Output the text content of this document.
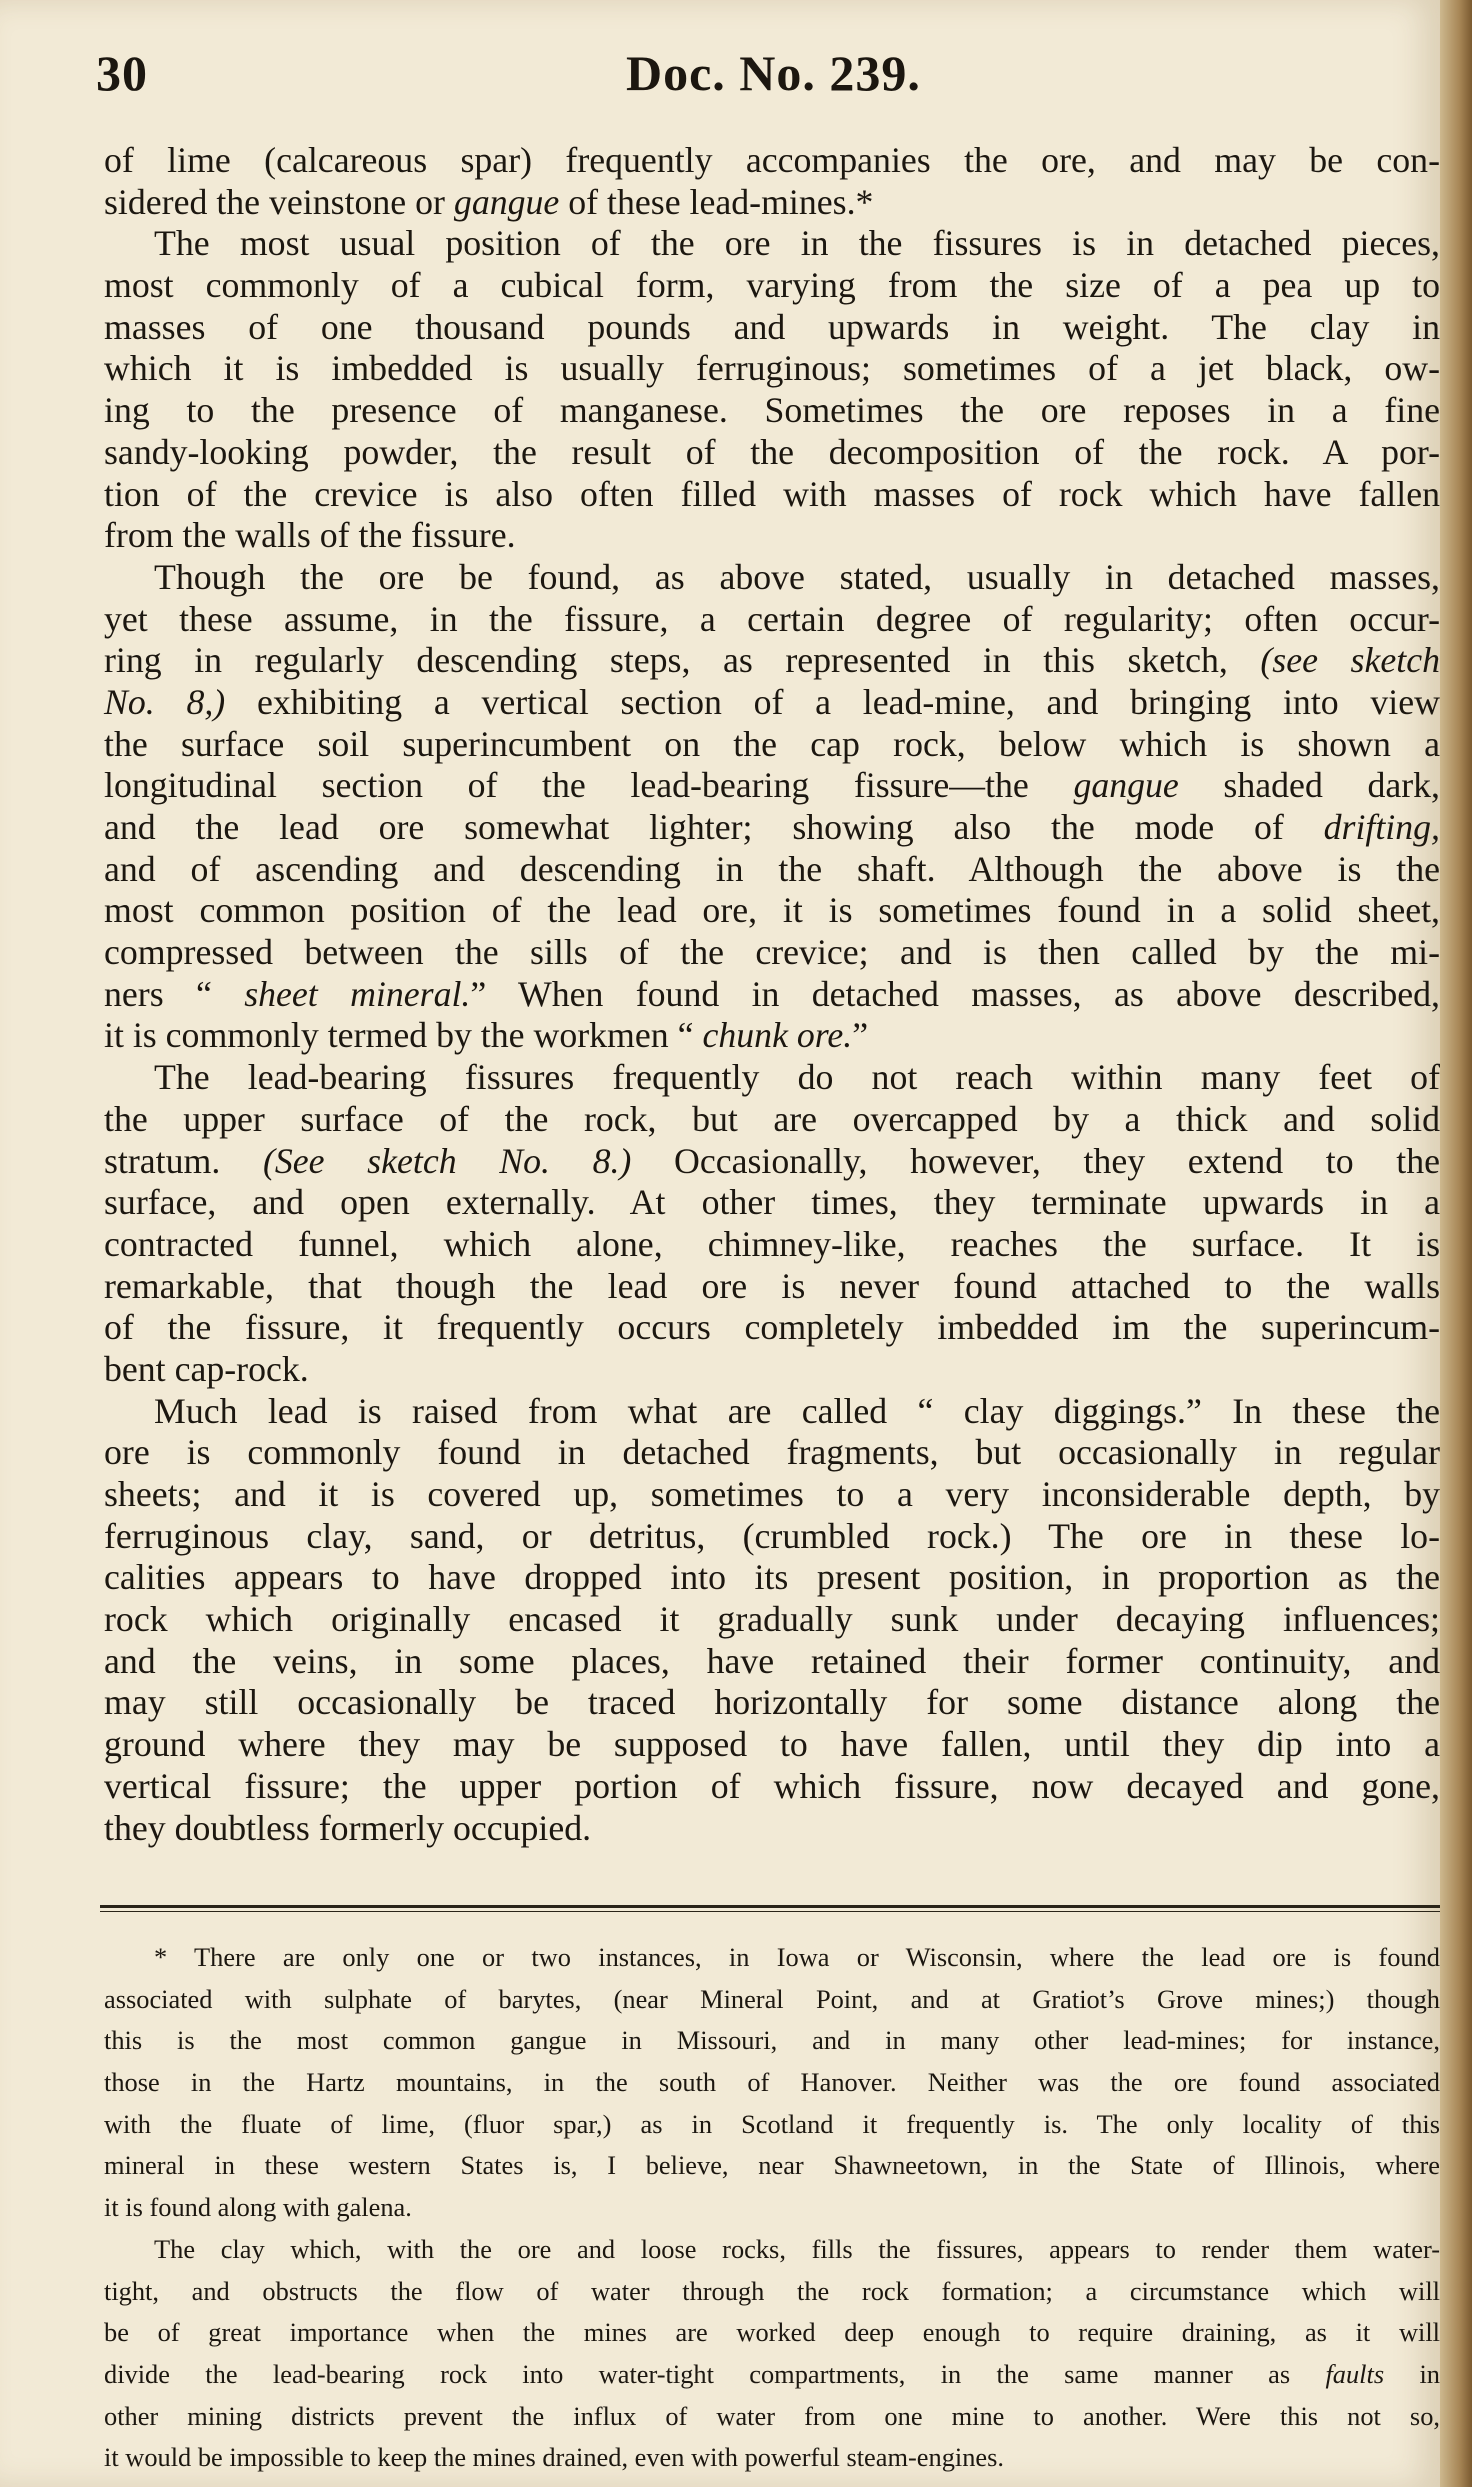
30	Doc. No. 239.
of lime (calcareous spar) frequently accompanies the ore, and may be con-
sidered the veinstone or gangue of these lead-mines.*
The most usual position of the ore in the fissures is in detached pieces,
most commonly of a cubical form, varying from the size of a pea up to
masses of one thousand pounds and upwards in weight. The clay in
which it is imbedded is usually ferruginous; sometimes of a jet black, ow-
ing to the presence of manganese. Sometimes the ore reposes in a fine
sandy-looking powder, the result of the decomposition of the rock. A por-
tion of the crevice is also often filled with masses of rock which have fallen
from the walls of the fissure.
Though the ore be found, as above stated, usually in detached masses,
yet these assume, in the fissure, a certain degree of regularity; often occur-
ring in regularly descending steps, as represented in this sketch, (see sketch
No. 8,) exhibiting a vertical section of a lead-mine, and bringing into view
the surface soil superincumbent on the cap rock, below which is shown a
longitudinal section of the lead-bearing fissure—the gangue shaded dark,
and the lead ore somewhat lighter; showing also the mode of drifting,
and of ascending and descending in the shaft. Although the above is the
most common position of the lead ore, it is sometimes found in a solid sheet,
compressed between the sills of the crevice; and is then called by the mi-
ners “ sheet mineral.” When found in detached masses, as above described,
it is commonly termed by the workmen “ chunk ore.”
The lead-bearing fissures frequently do not reach within many feet of
the upper surface of the rock, but are overcapped by a thick and solid
stratum. (See sketch No. 8.) Occasionally, however, they extend to the
surface, and open externally. At other times, they terminate upwards in a
contracted funnel, which alone, chimney-like, reaches the surface. It is
remarkable, that though the lead ore is never found attached to the walls
of the fissure, it frequently occurs completely imbedded im the superincum-
bent cap-rock.
Much lead is raised from what are called “ clay diggings.” In these the
ore is commonly found in detached fragments, but occasionally in regular
sheets; and it is covered up, sometimes to a very inconsiderable depth, by
ferruginous clay, sand, or detritus, (crumbled rock.) The ore in these lo-
calities appears to have dropped into its present position, in proportion as the
rock which originally encased it gradually sunk under decaying influences;
and the veins, in some places, have retained their former continuity, and
may still occasionally be traced horizontally for some distance along the
ground where they may be supposed to have fallen, until they dip into a
vertical fissure; the upper portion of which fissure, now decayed and gone,
they doubtless formerly occupied.
* There are only one or two instances, in Iowa or Wisconsin, where the lead ore is found
associated with sulphate of barytes, (near Mineral Point, and at Gratiot’s Grove mines;) though
this is the most common gangue in Missouri, and in many other lead-mines; for instance,
those in the Hartz mountains, in the south of Hanover. Neither was the ore found associated
with the fluate of lime, (fluor spar,) as in Scotland it frequently is. The only locality of this
mineral in these western States is, I believe, near Shawneetown, in the State of Illinois, where
it is found along with galena.
The clay which, with the ore and loose rocks, fills the fissures, appears to render them water-
tight, and obstructs the flow of water through the rock formation; a circumstance which will
be of great importance when the mines are worked deep enough to require draining, as it will
divide the lead-bearing rock into water-tight compartments, in the same manner as faults in
other mining districts prevent the influx of water from one mine to another. Were this not so,
it would be impossible to keep the mines drained, even with powerful steam-engines.
